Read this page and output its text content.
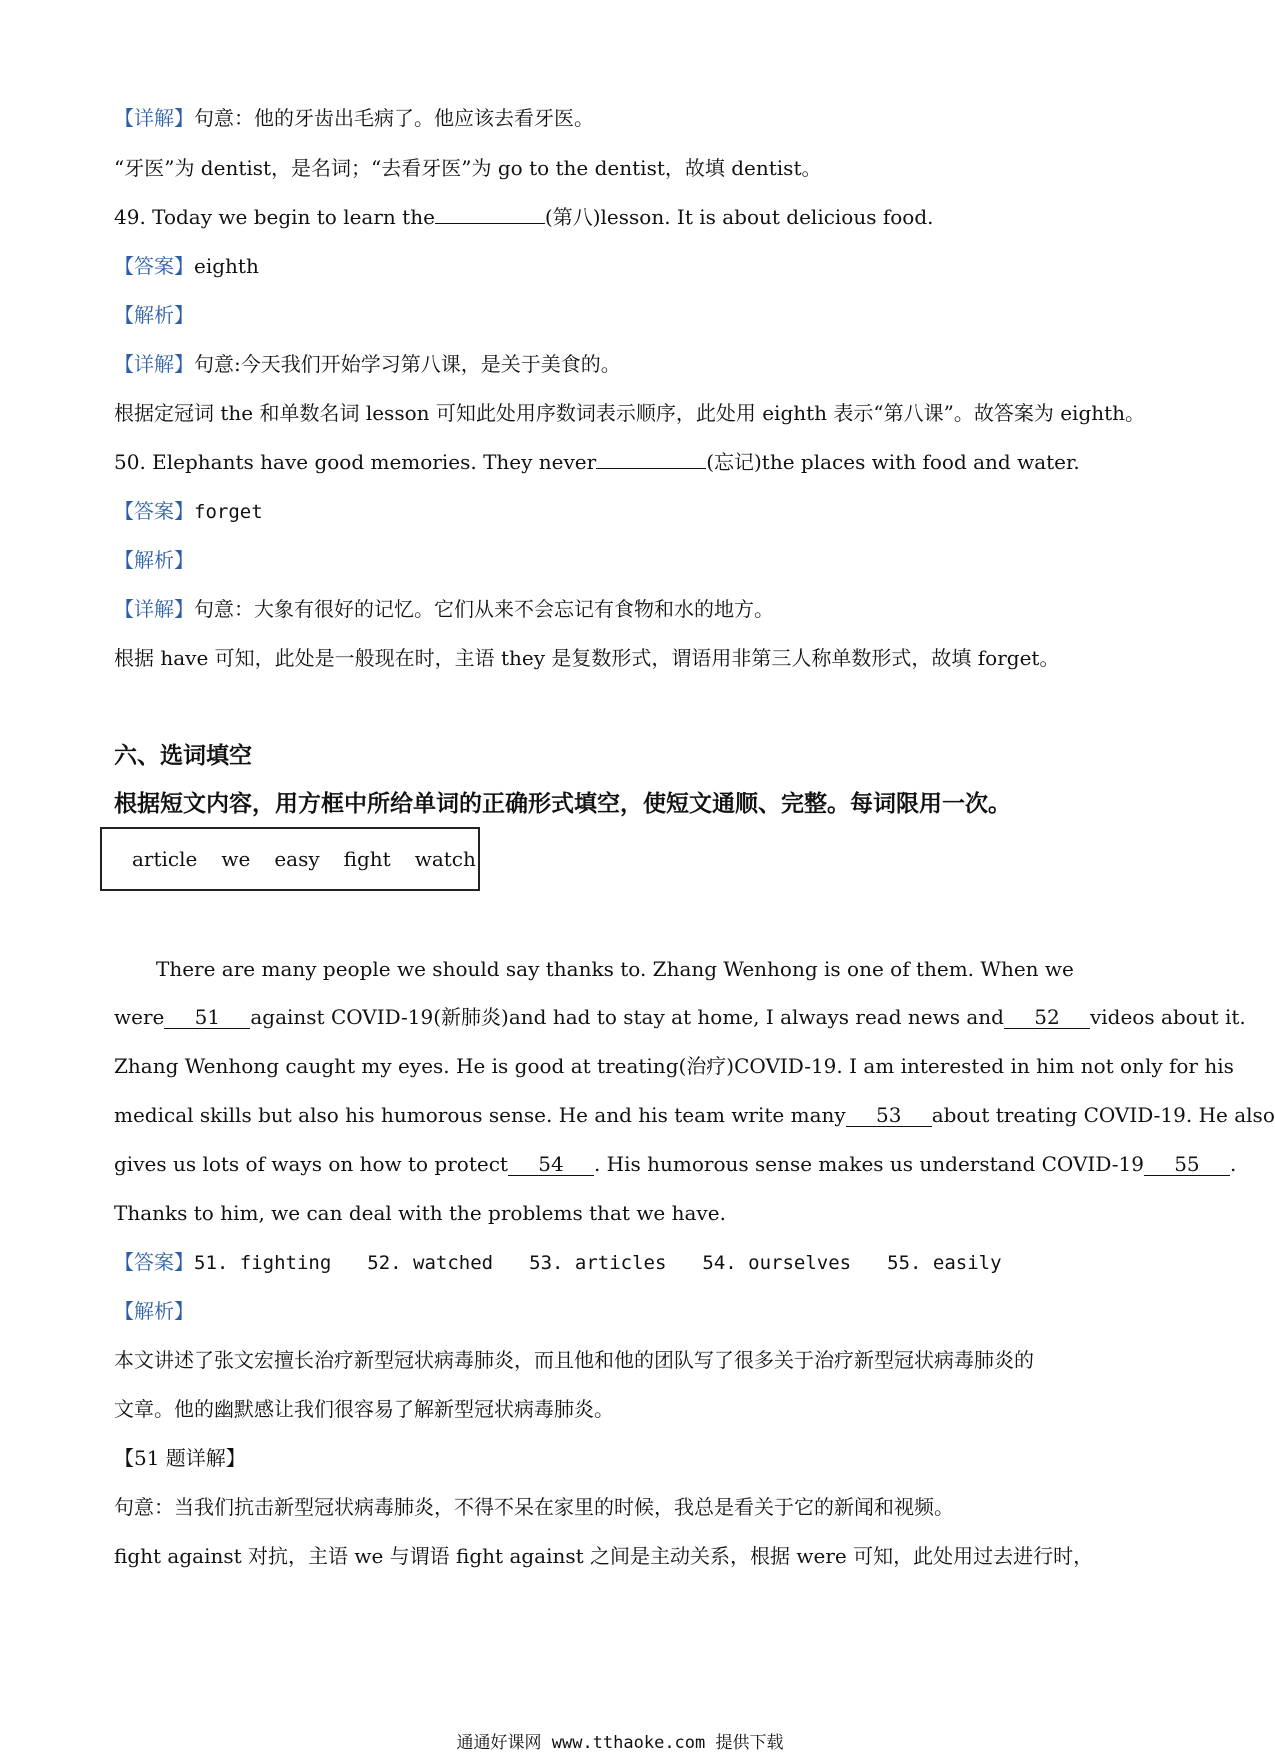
【详解】句意：他的牙齿出毛病了。他应该去看牙医。
“牙医”为 dentist，是名词；“去看牙医”为 go to the dentist，故填 dentist。
49. Today we begin to learn the	(第八)lesson. It is about delicious food.
【答案】eighth
【解析】
【详解】句意:今天我们开始学习第八课，是关于美食的。
根据定冠词 the 和单数名词 lesson 可知此处用序数词表示顺序，此处用 eighth 表示“第八课”。故答案为 eighth。
50. Elephants have good memories. They never	(忘记)the places with food and water.
【答案】forget
【解析】
【详解】句意：大象有很好的记忆。它们从来不会忘记有食物和水的地方。
根据 have 可知，此处是一般现在时，主语 they 是复数形式，谓语用非第三人称单数形式，故填 forget。
六、选词填空
根据短文内容，用方框中所给单词的正确形式填空，使短文通顺、完整。每词限用一次。
article we easy fight watch
There are many people we should say thanks to. Zhang Wenhong is one of them. When we
were 51 against COVID-19(新肺炎)and had to stay at home, I always read news and 52 videos about it.
Zhang Wenhong caught my eyes. He is good at treating(治疗)COVID-19. I am interested in him not only for his
medical skills but also his humorous sense. He and his team write many 53 about treating COVID-19. He also
gives us lots of ways on how to protect 54 . His humorous sense makes us understand COVID-19 55 .
Thanks to him, we can deal with the problems that we have.
【答案】51. fighting 52. watched 53. articles 54. ourselves 55. easily
【解析】
本文讲述了张文宏擅长治疗新型冠状病毒肺炎，而且他和他的团队写了很多关于治疗新型冠状病毒肺炎的
文章。他的幽默感让我们很容易了解新型冠状病毒肺炎。
【51 题详解】
句意：当我们抗击新型冠状病毒肺炎，不得不呆在家里的时候，我总是看关于它的新闻和视频。
fight against 对抗，主语 we 与谓语 fight against 之间是主动关系，根据 were 可知，此处用过去进行时，
通通好课网 www.tthaoke.com 提供下载
